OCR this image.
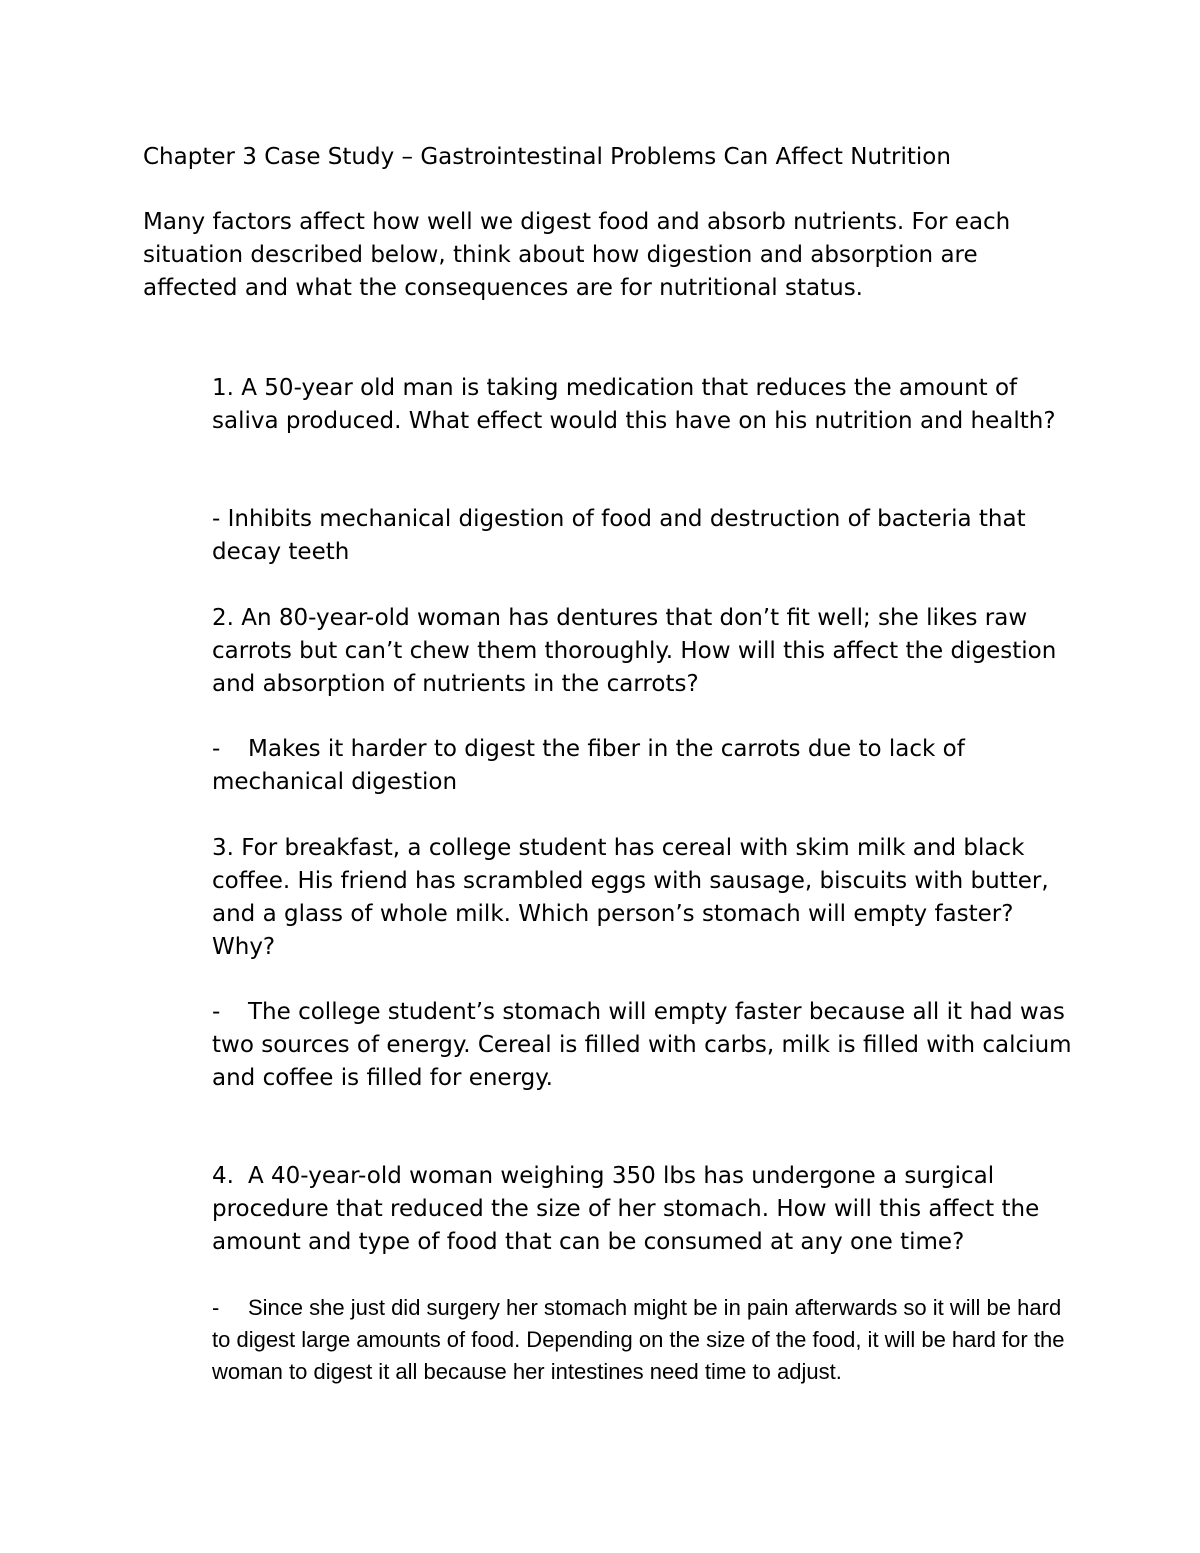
Chapter 3 Case Study – Gastrointestinal Problems Can Affect Nutrition

Many factors affect how well we digest food and absorb nutrients. For each situation described below, think about how digestion and absorption are affected and what the consequences are for nutritional status.

1. A 50-year old man is taking medication that reduces the amount of saliva produced. What effect would this have on his nutrition and health?

- Inhibits mechanical digestion of food and destruction of bacteria that decay teeth

2. An 80-year-old woman has dentures that don’t fit well; she likes raw carrots but can’t chew them thoroughly. How will this affect the digestion and absorption of nutrients in the carrots?

- Makes it harder to digest the fiber in the carrots due to lack of mechanical digestion

3. For breakfast, a college student has cereal with skim milk and black coffee. His friend has scrambled eggs with sausage, biscuits with butter, and a glass of whole milk. Which person’s stomach will empty faster? Why?

- The college student’s stomach will empty faster because all it had was two sources of energy. Cereal is filled with carbs, milk is filled with calcium and coffee is filled for energy.

4. A 40-year-old woman weighing 350 lbs has undergone a surgical procedure that reduced the size of her stomach. How will this affect the amount and type of food that can be consumed at any one time?

- Since she just did surgery her stomach might be in pain afterwards so it will be hard to digest large amounts of food. Depending on the size of the food, it will be hard for the woman to digest it all because her intestines need time to adjust.
